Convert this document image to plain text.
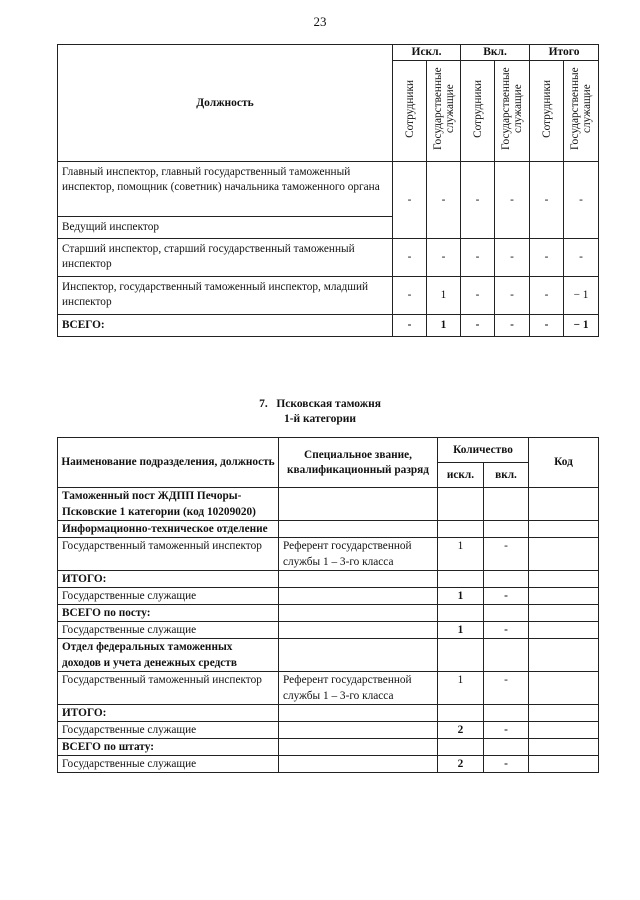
23
Должность	Искл.		Вкл.		Итого	
	Сотрудники	Государственные служащие	Сотрудники	Государственные служащие	Сотрудники	Государственные служащие
Главный инспектор, главный государственный таможенный инспектор, помощник (советник) начальника таможенного органа	-	-	-	-	-	-
Ведущий инспектор						
Старший инспектор, старший государственный таможенный инспектор	-	-	-	-	-	-
Инспектор, государственный таможенный инспектор, младший инспектор	-	1	-	-	-	− 1
ВСЕГО:	-	1	-	-	-	− 1
7.   Псковская таможня
1-й категории
Наименование подразделения, должность	Специальное звание, квалификационный разряд	Количество		Код
		искл.	вкл.	
Таможенный пост ЖДПП Печоры-Псковские 1 категории (код 10209020)				
Информационно-техническое отделение				
Государственный таможенный инспектор	Референт государственной службы 1 – 3-го класса	1	-	
ИТОГО:				
Государственные служащие		1	-	
ВСЕГО по посту:				
Государственные служащие		1	-	
Отдел федеральных таможенных доходов и учета денежных средств				
Государственный таможенный инспектор	Референт государственной службы 1 – 3-го класса	1	-	
ИТОГО:				
Государственные служащие		2	-	
ВСЕГО по штату:				
Государственные служащие		2	-	
